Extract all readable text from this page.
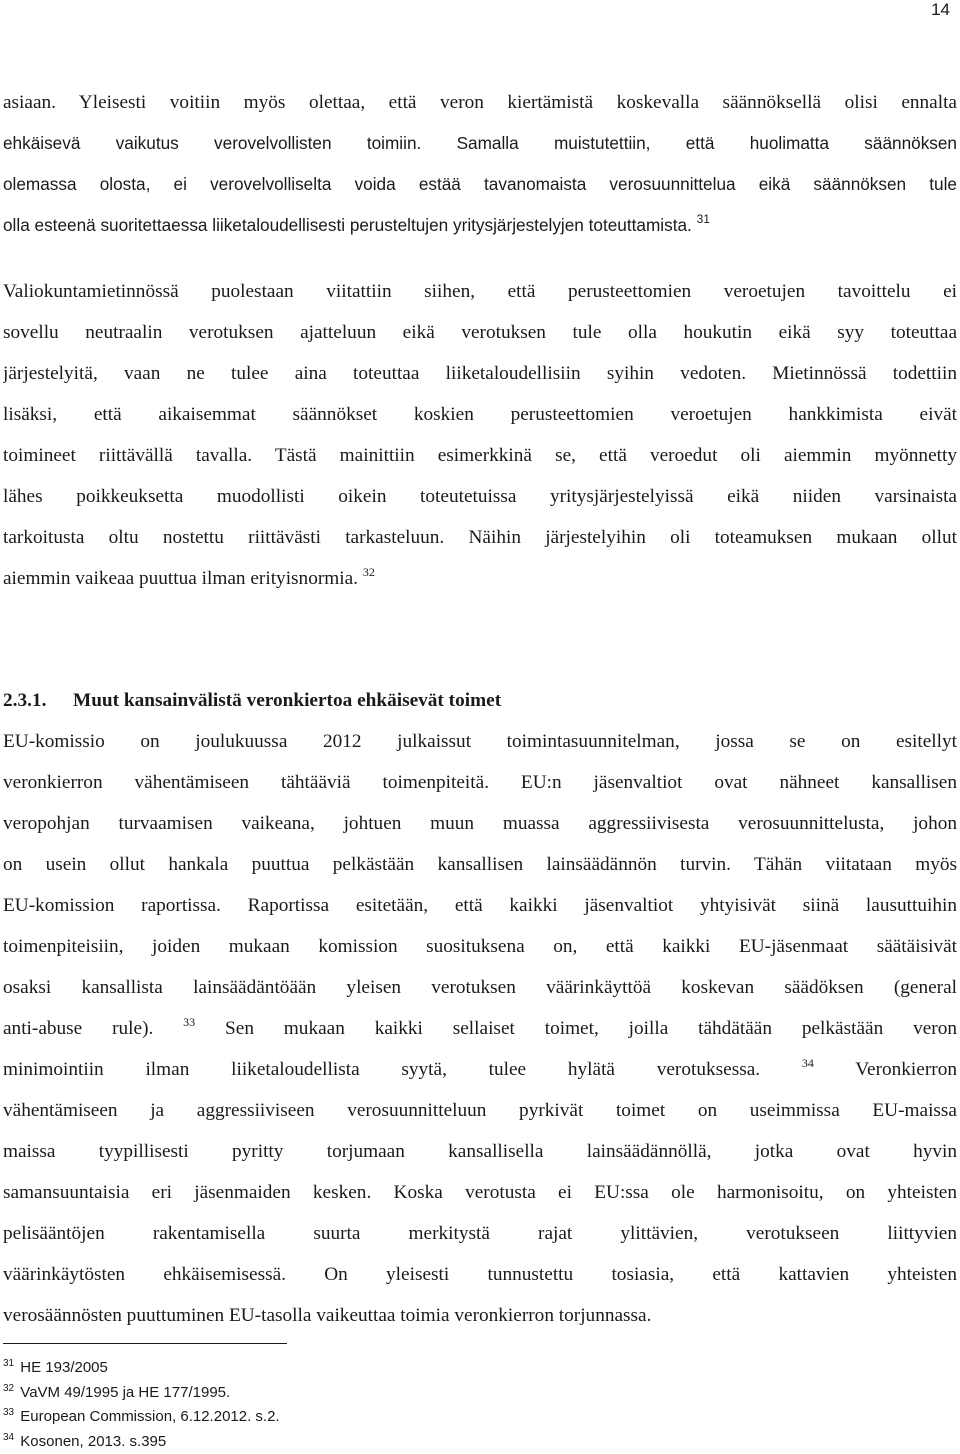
14
asiaan. Yleisesti voitiin myös olettaa, että veron kiertämistä koskevalla säännöksellä olisi ennalta
ehkäisevä vaikutus verovelvollisten toimiin. Samalla muistutettiin, että huolimatta säännöksen
olemassa olosta, ei verovelvolliselta voida estää tavanomaista verosuunnittelua eikä säännöksen tule
olla esteenä suoritettaessa liiketaloudellisesti perusteltujen yritysjärjestelyjen toteuttamista. $^{31}$
Valiokuntamietinnössä puolestaan viitattiin siihen, että perusteettomien veroetujen tavoittelu ei
sovellu neutraalin verotuksen ajatteluun eikä verotuksen tule olla houkutin eikä syy toteuttaa
järjestelyitä, vaan ne tulee aina toteuttaa liiketaloudellisiin syihin vedoten. Mietinnössä todettiin
lisäksi, että aikaisemmat säännökset koskien perusteettomien veroetujen hankkimista eivät
toimineet riittävällä tavalla. Tästä mainittiin esimerkkinä se, että veroedut oli aiemmin myönnetty
lähes poikkeuksetta muodollisti oikein toteutetuissa yritysjärjestelyissä eikä niiden varsinaista
tarkoitusta oltu nostettu riittävästi tarkasteluun. Näihin järjestelyihin oli toteamuksen mukaan ollut
aiemmin vaikeaa puuttua ilman erityisnormia. $^{32}$
2.3.1. Muut kansainvälistä veronkiertoa ehkäisevät toimet
EU-komissio on joulukuussa 2012 julkaissut toimintasuunnitelman, jossa se on esitellyt
veronkierron vähentämiseen tähtääviä toimenpiteitä. EU:n jäsenvaltiot ovat nähneet kansallisen
veropohjan turvaamisen vaikeana, johtuen muun muassa aggressiivisesta verosuunnittelusta, johon
on usein ollut hankala puuttua pelkästään kansallisen lainsäädännön turvin. Tähän viitataan myös
EU-komission raportissa. Raportissa esitetään, että kaikki jäsenvaltiot yhtyisivät siinä lausuttuihin
toimenpiteisiin, joiden mukaan komission suosituksena on, että kaikki EU-jäsenmaat säätäisivät
osaksi kansallista lainsäädäntöään yleisen verotuksen väärinkäyttöä koskevan säädöksen (general
anti-abuse rule). $^{33}$ Sen mukaan kaikki sellaiset toimet, joilla tähdätään pelkästään veron
minimointiin ilman liiketaloudellista syytä, tulee hylätä verotuksessa.	$^{34}$ Veronkierron
vähentämiseen ja aggressiiviseen verosuunnitteluun pyrkivät toimet on useimmissa EU-maissa
maissa tyypillisesti pyritty torjumaan kansallisella lainsäädännöllä, jotka ovat hyvin
samansuuntaisia eri jäsenmaiden kesken. Koska verotusta ei EU:ssa ole harmonisoitu, on yhteisten
pelisääntöjen rakentamisella suurta merkitystä rajat ylittävien, verotukseen liittyvien
väärinkäytösten ehkäisemisessä. On yleisesti tunnustettu tosiasia, että kattavien yhteisten
verosäännösten puuttuminen EU-tasolla vaikeuttaa toimia veronkierron torjunnassa.
$^{31}$ HE 193/2005
$^{32}$ VaVM 49/1995 ja HE 177/1995.
$^{33}$ European Commission, 6.12.2012. s.2.
$^{34}$ Kosonen, 2013. s.395
